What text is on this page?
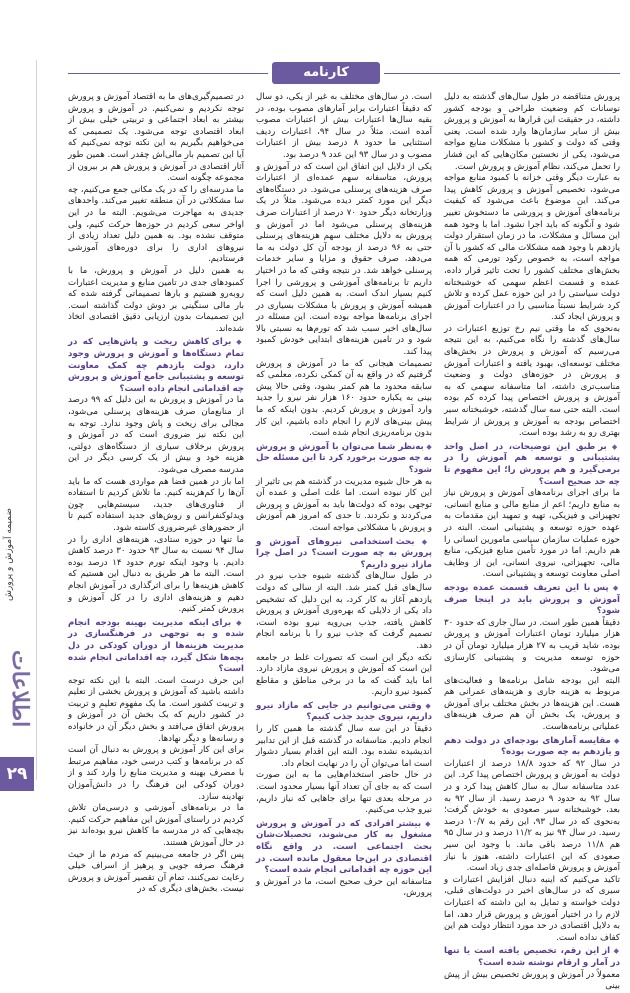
ضمیمه آموزش و پرورش
اطلاعات
۲۹
کارنامه

پرورش متناقضه در طول سال‌های گذشته به دلیل نوسانات کم وضعیت طراحی و بودجه کشور داشته، در حقیقت این قرارها به آموزش و پرورش بیش از سایر سازمان‌ها وارد شده است. یعنی وقتی که دولت و کشور با مشکلات منابع مواجه می‌شود، یکی از نخستین مکان‌هایی که این فشار را تحمل می‌کند، نظام آموزش و پرورش است.

به عبارت دیگر وقتی خزانه با کمبود منابع مواجه می‌شود، تخصیص آموزش و پرورش کاهش پیدا می‌کند. این موضوع باعث می‌شود که کیفیت برنامه‌های آموزش و پرورشی ما دستخوش تغییر شود و آنگونه که باید اجرا نشود. اما با وجود همه این مسائل و مشکلات، ما در زمان استقرار دولت یازدهم با وجود همه مشکلات مالی که کشور با آن مواجه است، به خصوص رکود تورمی که همه بخش‌های مختلف کشور را تحت تاثیر قرار داده، عمده و قسمت اعظم سهمی که خوشبختانه دولت سیاستی را در این حوزه عمل کرده و تلاش کرد شرایط نسبتاً مناسبی را در اعتبارات آموزش و پرورش ایجاد کند.

به‌نحوی که ما وقتی نیم رخ توزیع اعتبارات در سال‌های گذشته را نگاه می‌کنیم، به این نتیجه می‌رسیم که آموزش و پرورش در بخش‌های مختلف توسعه‌ای، بهبود یافته و اعتبارات آموزش و پرورش در حوزه‌های دولت و وضعیت مناسب‌تری داشته، اما متاسفانه سهمی که به آموزش و پرورش اختصاص پیدا کرده کم بوده است. البته حتی سه سال گذشته، خوشبختانه سیر اختصاص بودجه به آموزش و پرورش از شرایط بهتری رو به رشد بوده است.

◆ بر طبق این توضیحات، در اصل واحد پشتیبانی و توسعه هم آموزش را در برمی‌گیرد و هم پرورش را؛ این مفهوم تا چه حد صحیح است؟

ما برای اجرای برنامه‌های آموزش و پرورش نیاز به منابع داریم؛ اعم از منابع مالی و منابع انسانی، تجهیزاتی و فیزیکی، تهیه و تمهید این مقدمات به عهده حوزه توسعه و پشتیبانی است. البته در حوزه عملیات سازمان سیاسی مامورین انسانی را هم داریم. اما در مورد تأمین منابع فیزیکی، منابع مالی، تجهیزاتی، نیروی انسانی، این از وظایف اصلی معاونت توسعه و پشتیبانی است.

◆ پس با این تعریف قسمت عمده بودجه آموزش و پرورش باید در اینجا صرف شود؟

دقیقاً همین طور است. در سال جاری که حدود ۳۰ هزار میلیارد تومان اعتبارات آموزش و پرورش بوده، شاید قریب به ۲۷ هزار میلیارد تومان آن در حوزه توسعه مدیریت و پشتیبانی کارسازی می‌شود.

البته این بودجه شامل برنامه‌ها و فعالیت‌های مربوط به هزینه جاری و هزینه‌های عمرانی هم هست. این هزینه‌ها در بخش مختلف برای آموزش و پرورش، یک بخش آن هم صرف هزینه‌های عملیاتی برنامه‌هاست.

◆ مقایسه آمارهای بودجه‌ای در دولت دهم و یازدهم به چه صورت بوده؟

در سال ۹۲ که حدود ۱۸/۸ درصد از اعتبارات دولت به آموزش و پرورش اختصاص پیدا کرد. این عدد متاسفانه سال به سال کاهش پیدا کرد و در سال ۹۲ به حدود ۹ درصد رسید. از سال ۹۲ به بعد، خوشبختانه سیر صعودی به خودش گرفت؛ به‌نحوی که در سال ۹۳، این رقم به ۱۰/۷ درصد رسید. در سال ۹۴ نیز به ۱۱/۲ درصد و در سال ۹۵ هم ۱۱/۸ درصد باقی ماند. با وجود این سیر صعودی که این اعتبارات داشته، هنوز با نیاز آموزش و پرورش فاصله‌ای جدی زیاد است.

تاکید می‌کنیم که اینبه دنبال افزایش اعتبارات و سیری که در سال‌های اخیر در دولت‌های قبلی، دولت خواسته و تمایل به این داشته که اعتبارات لازم را در اختیار آموزش و پرورش قرار دهد، اما به دلایل اقتصادی در حد مورد انتظار دولت هم این کفاف نداده است.

◆ از این رقم، تخصیص یافته است یا تنها در آمار و ارقام نوشته شده است؟

معمولاً در آموزش و پرورش تخصیص بیش از پیش بینی

است. در سال‌های مختلف به غیر از یکی، دو سال که دقیقاً اعتبارات برابر آمارهای مصوب بوده، در بقیه سال‌ها اعتبارات بیش از اعتبارات مصوب آمده است. مثلاً در سال ۹۴، اعتبارات ردیف استثنایی ما حدود ۸ درصد بیش از اعتبارات مصوب و در سال ۹۳ این عدد ۹ درصد بود.

یکی از دلایل این اتفاق این است که در آموزش و پرورش، متاسفانه سهم عمده‌ای از اعتبارات صرف هزینه‌های پرسنلی می‌شود. در دستگاه‌های دیگر این مورد کمتر دیده می‌شود. مثلاً در یک وزارتخانه دیگر حدود ۷۰ درصد از اعتبارات صرف هزینه‌های پرسنلی می‌شود اما در آموزش و پرورش به دلایل مختلف سهم هزینه‌های پرسنلی حتی به ۹۶ درصد از بودجه آن کل دولت به ما می‌دهد، صرف حقوق و مزایا و سایر خدمات پرسنلی خواهد شد. در نتیجه وقتی که ما در اختیار داریم تا برنامه‌های آموزشی و پرورشی را اجرا کنیم بسیار اندک است. به همین دلیل است که همیشه آموزش و پرورش با مشکلات بسیاری در اجرای برنامه‌ها مواجه بوده است. این مسئله در سال‌های اخیر سبب شد که تورم‌ها به نسبتی بالا شود و در تامین هزینه‌های ابتدایی خودش کمبود پیدا کند.

تصمیمات هیجانی که ما در آموزش و پرورش گرفتیم که در واقع به آن کمکی نکرده، معلمی که سابقه محدود ما هم کمتر بشود، وقتی حالا پیش بینی به یکباره حدود ۱۶۰ هزار نفر نیرو را جدید وارد آموزش و پرورش کردیم. بدون اینکه که ما پیش بینی‌های لازم را انجام داده باشیم، این کار بدون برنامه‌ریزی انجام شده است.

◆ به‌نظر شما می‌توان با آموزش و پرورش به چه صورت برخورد کرد تا این مسئله حل شود؟

به هر حال شیوه مدیریت در گذشته هم بی تاثیر از این کار نبوده است. اما علت اصلی و عمده آن توجهی بوده که دولت‌ها باید به آموزش و پرورش می‌کردند و نکردند. تا حدی که امروز هم آموزش و پرورش با مشکلاتی مواجه است.

◆ بحث استخدامی نیروهای آموزش و پرورش به چه صورت است؟ در اصل چرا مازاد نیرو داریم؟

در طول سال‌های گذشته شیوه جذب نیرو در سال‌های قبل کمتر شد. البته از سالی که دولت یازدهم آغاز به کار کرد، به این دلیل که تشخیص داد یکی از دلایلی که بهره‌وری آموزش و پرورش کاهش یافته، جذب بی‌رویه نیرو بوده است، تصمیم گرفت که جذب نیرو را با برنامه انجام دهد.

نکته دیگر این است که تصورات غلط در جامعه این است که آموزش و پرورش نیروی مازاد دارد. اما باید گفت که ما در برخی مناطق و مقاطع کمبود نیرو داریم.

◆ وقتی می‌توانیم در جایی که مازاد نیرو داریم، نیروی جدید جذب کنیم؟

دقیقاً در این سه سال گذشته ما همین کار را انجام دادیم. متاسفانه در گذشته قبل از این تدابیر اندیشیده نشده بود. البته این اقدام بسیار دشوار است اما می‌توان آن را در نهایت انجام داد.

در حال حاضر استخدام‌هایی ما به این صورت است که به جای آن تعداد آنها بسیار محدود است. در مرحله بعدی تنها برای جاهایی که نیاز داریم، نیرو جذب می‌کنیم.

◆ بیشتر افرادی که در آموزش و پرورش مشغول به کار می‌شوند، تحصیلات‌شان بحث اجتماعی است. در واقع نگاه اقتصادی در این‌جا معقول مانده است. در این حوزه چه اقداماتی انجام شده است؟

متاسفانه این حرف صحیح است، ما در آموزش و پرورش،

در تصمیم‌گیری‌های ما به اقتصاد آموزش و پرورش توجه نکردیم و نمی‌کنیم. در آموزش و پرورش بیشتر به ابعاد اجتماعی و تربیتی خیلی بیش از ابعاد اقتصادی توجه می‌شود. یک تصمیمی که می‌خواهیم بگیریم به این نکته توجه نمی‌کنیم که آیا این تصمیم بار مالی‌اش چقدر است. همین طور آثار اقتصادی در آموزش و پرورش هم بر بیرون از مجموعه چگونه است.

ما مدرسه‌ای را که در یک مکانی جمع می‌کنیم، چه سا مشکلاتی در آن منطقه تغییر می‌کند. واحدهای جدیدی به مهاجرت می‌شویم. البته ما در این اواخر سعی کردیم در حوزه‌ها حرکت کنیم، ولی متوقف نشده بود. به همین دلیل تعداد زیادی از نیروهای اداری را برای دوره‌های آموزشی فرستادیم.

به همین دلیل در آموزش و پرورش، ما با کمبودهای جدی در تامین منابع و مدیریت اعتبارات روبه‌رو هستیم و بارها تصمیماتی گرفته شده که بار مالی سنگینی بر دوش دولت گذاشته است. این تصمیمات بدون ارزیابی دقیق اقتصادی اتخاذ شده‌اند.

◆ برای کاهش ریخت و پاش‌هایی که در تمام دستگاه‌ها و آموزش و پرورش وجود دارد، دولت یازدهم چه کمک معاونت توسعه و پشتیبانی جامع آموزش و پرورش چه اقداماتی انجام داده است؟

ما در آموزش و پرورش به این دلیل که ۹۹ درصد از منابع‌مان صرف هزینه‌های پرسنلی می‌شود، مجالی برای ریخت و پاش وجود ندارد. توجه به این نکته نیز ضروری است که در آموزش و پرورش برخلاف سیاری از دستگاه‌های دولتی، هزینه خود و بیش از یک کرسی دیگر در این مدرسه مصرف می‌شود.

اما باز در همین فضا هم مواردی هست که ما باید آن‌ها را کم‌هزینه کنیم. ما تلاش کردیم تا استفاده از فناوری‌های جدید، سیستم‌هایی چون ویدئوکنفرانس و روش‌های جدید استفاده کنیم تا از حضورهای غیرضروری کاسته شود.

ما تنها در حوزه ستادی، هزینه‌های اداری را در سال ۹۴ نسبت به سال ۹۳ حدود ۳۰ درصد کاهش دادیم. با وجود اینکه تورم حدود ۱۴ درصد بوده است. البته ما هر طریق به دنبال این هستیم که کاهش هزینه‌ها را برای اثرگذاری در آموزش انجام دهیم و هزینه‌های اداری را در کل آموزش و پرورش کمتر کنیم.

◆ برای اینکه مدیریت بهینه بودجه انجام شده و به توجهی در فرهنگسازی در مدیریت هزینه‌ها از دوران کودکی در دل بچه‌ها شکل گیرد، چه اقداماتی انجام شده است؟

این حرف درست است. البته با این نکته توجه داشته باشید که آموزش و پرورش بخشی از تعلیم و تربیت کشور است. ما یک مفهوم تعلیم و تربیت در کشور داریم که یک بخش آن در آموزش و پرورش اتفاق می‌افتد و بخش دیگر آن در خانواده و رسانه‌ها و دیگر نهادها.

برای این کار آموزش و پرورش به دنبال آن است که در برنامه‌ها و کتب درسی خود، مفاهیم مرتبط با مصرف بهینه و مدیریت منابع را وارد کند و از دوران کودکی این فرهنگ را در دانش‌آموزان نهادینه سازد.

ما در برنامه‌های آموزشی و درسی‌مان تلاش کردیم در راستای آموزش این مفاهیم حرکت کنیم. بچه‌هایی که در مدرسه ما کاهش نیرو بوده‌اند نیز در حال آموزش هستند.

پس اگر در جامعه می‌بینیم که مردم ما از حیث فرهنگ صرفه جویی و پرهیز از اسراف خیلی رعایت نمی‌کنند، تمام آن تقصیر آموزش و پرورش نیست. بخش‌های دیگری که در
